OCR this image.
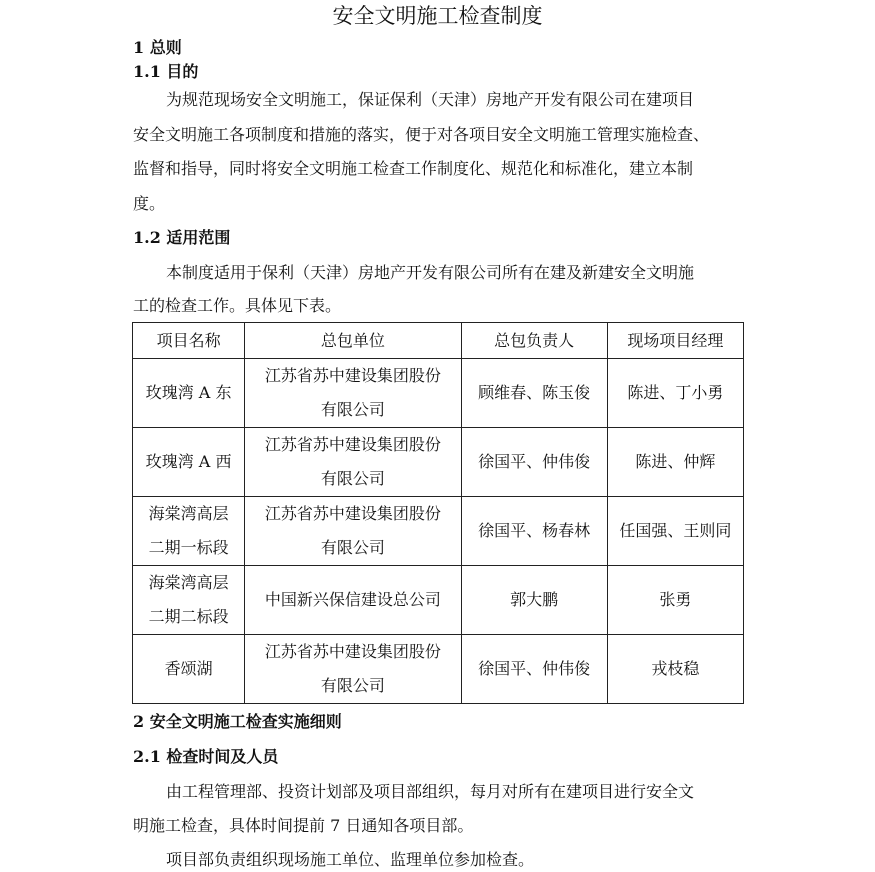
安全文明施工检查制度

1 总则

1.1 目的

为规范现场安全文明施工，保证保利（天津）房地产开发有限公司在建项目

安全文明施工各项制度和措施的落实，便于对各项目安全文明施工管理实施检查、

监督和指导，同时将安全文明施工检查工作制度化、规范化和标准化，建立本制

度。

1.2 适用范围

本制度适用于保利（天津）房地产开发有限公司所有在建及新建安全文明施

工的检查工作。具体见下表。

项目名称	总包单位	总包负责人	现场项目经理

玫瑰湾 A 东	江苏省苏中建设集团股份
有限公司	顾维春、陈玉俊	陈进、丁小勇

玫瑰湾 A 西	江苏省苏中建设集团股份
有限公司	徐国平、仲伟俊	陈进、仲辉

海棠湾高层
二期一标段	江苏省苏中建设集团股份
有限公司	徐国平、杨春林	任国强、王则同

海棠湾高层
二期二标段	中国新兴保信建设总公司	郭大鹏	张勇

香颂湖	江苏省苏中建设集团股份
有限公司	徐国平、仲伟俊	戎枝稳

2 安全文明施工检查实施细则

2.1 检查时间及人员

由工程管理部、投资计划部及项目部组织，每月对所有在建项目进行安全文

明施工检查，具体时间提前 7 日通知各项目部。

项目部负责组织现场施工单位、监理单位参加检查。
